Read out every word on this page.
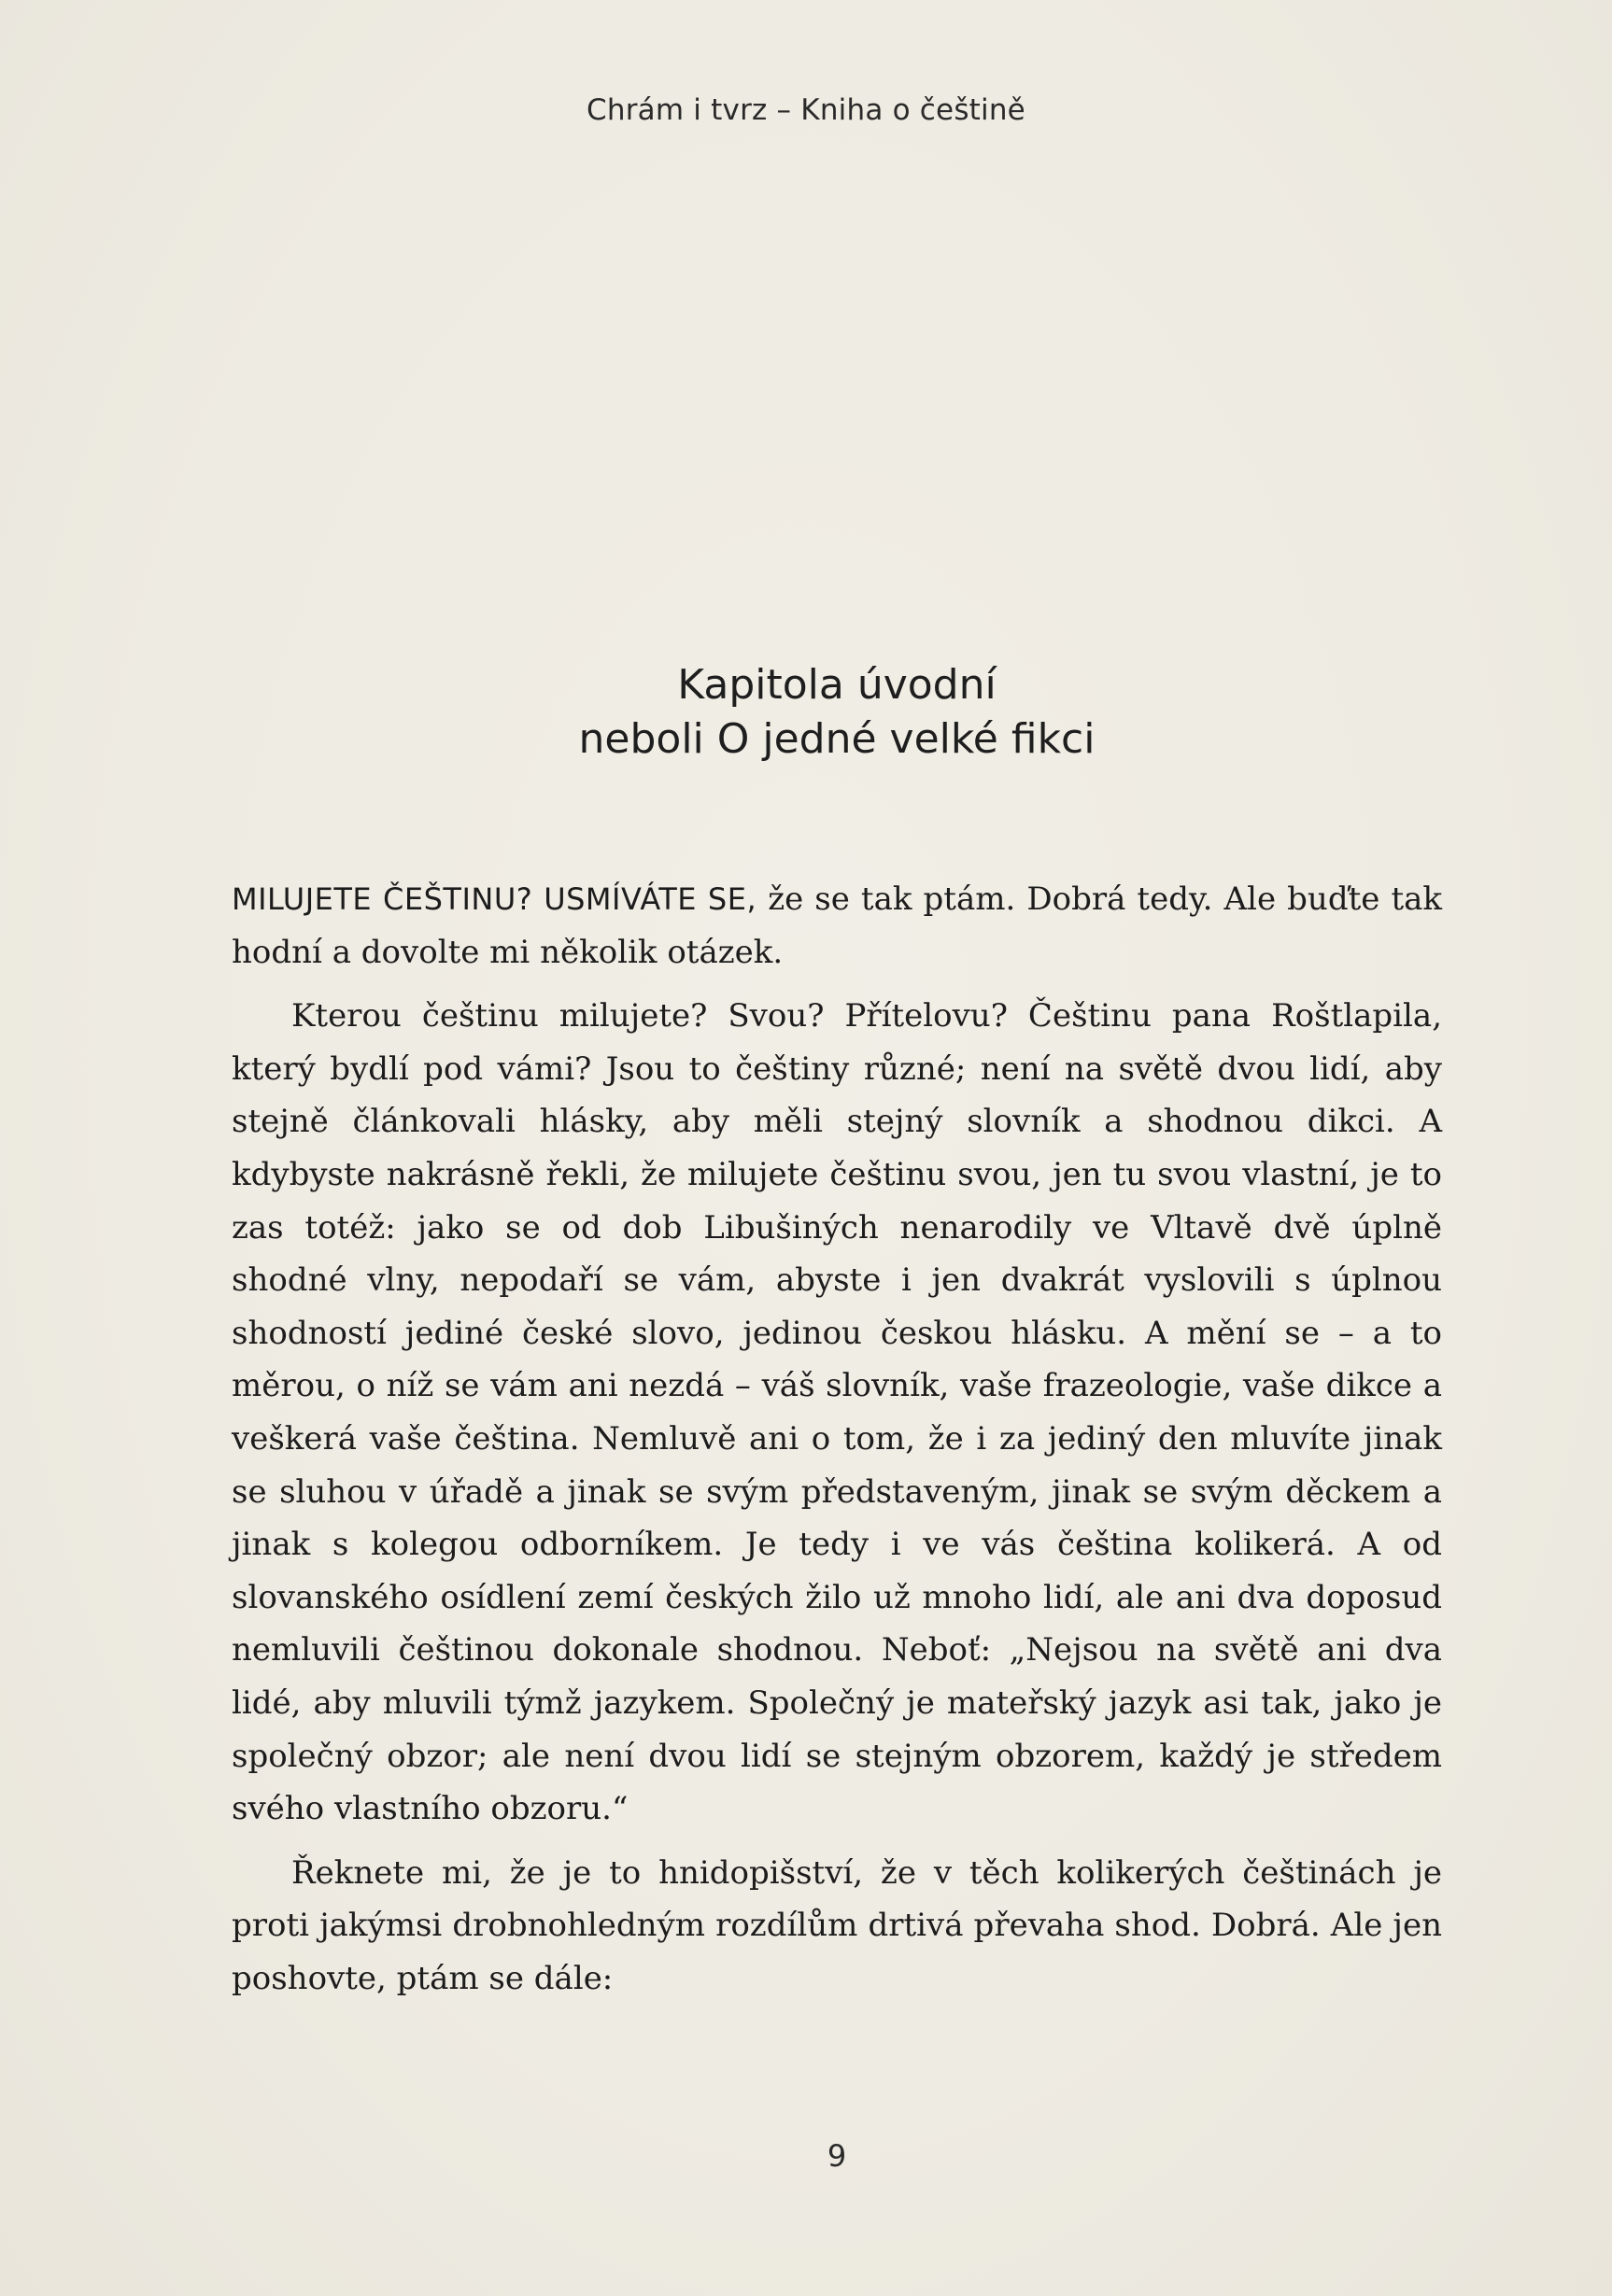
Chrám i tvrz – Kniha o češtině
Kapitola úvodní
neboli O jedné velké fikci

MILUJETE ČEŠTINU? USMÍVÁTE SE, že se tak ptám. Dobrá tedy. Ale buďte tak hodní a dovolte mi několik otázek.

Kterou češtinu milujete? Svou? Přítelovu? Češtinu pana Roštlapila, který bydlí pod vámi? Jsou to češtiny různé; není na světě dvou lidí, aby stejně článkovali hlásky, aby měli stejný slovník a shodnou dikci. A kdybyste nakrásně řekli, že milujete češtinu svou, jen tu svou vlastní, je to zas totéž: jako se od dob Libušiných nenarodily ve Vltavě dvě úplně shodné vlny, nepodaří se vám, abyste i jen dvakrát vyslovili s úplnou shodností jediné české slovo, jedinou českou hlásku. A mění se – a to měrou, o níž se vám ani nezdá – váš slovník, vaše frazeologie, vaše dikce a veškerá vaše čeština. Nemluvě ani o tom, že i za jediný den mluvíte jinak se sluhou v úřadě a jinak se svým představeným, jinak se svým děckem a jinak s kolegou odborníkem. Je tedy i ve vás čeština kolikerá. A od slovanského osídlení zemí českých žilo už mnoho lidí, ale ani dva doposud nemluvili češtinou dokonale shodnou. Neboť: „Nejsou na světě ani dva lidé, aby mluvili týmž jazykem. Společný je mateřský jazyk asi tak, jako je společný obzor; ale není dvou lidí se stejným obzorem, každý je středem svého vlastního obzoru.“

Řeknete mi, že je to hnidopišství, že v těch kolikerých češtinách je proti jakýmsi drobnohledným rozdílům drtivá převaha shod. Dobrá. Ale jen poshovte, ptám se dále:

9
